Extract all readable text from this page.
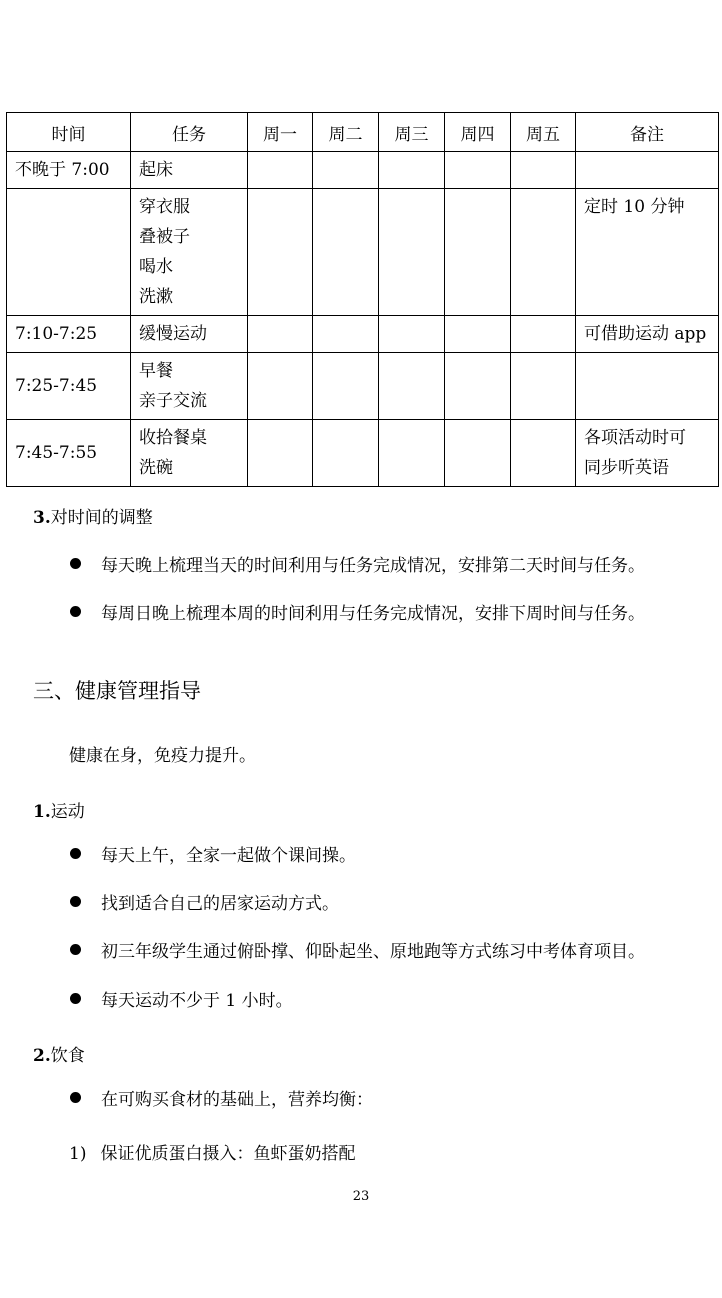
时间	任务	周一	周二	周三	周四	周五	备注

不晚于 7:00	起床						

	穿衣服
叠被子
喝水
洗漱						定时 10 分钟

7:10-7:25	缓慢运动						可借助运动 app

7:25-7:45	早餐
亲子交流						

7:45-7:55	收拾餐桌
洗碗						各项活动时可
同步听英语
3.对时间的调整
每天晚上梳理当天的时间利用与任务完成情况，安排第二天时间与任务。
每周日晚上梳理本周的时间利用与任务完成情况，安排下周时间与任务。
三、健康管理指导
健康在身，免疫力提升。
1.运动
每天上午，全家一起做个课间操。
找到适合自己的居家运动方式。
初三年级学生通过俯卧撑、仰卧起坐、原地跑等方式练习中考体育项目。
每天运动不少于 1 小时。
2.饮食
在可购买食材的基础上，营养均衡：
1) 保证优质蛋白摄入：鱼虾蛋奶搭配
23
